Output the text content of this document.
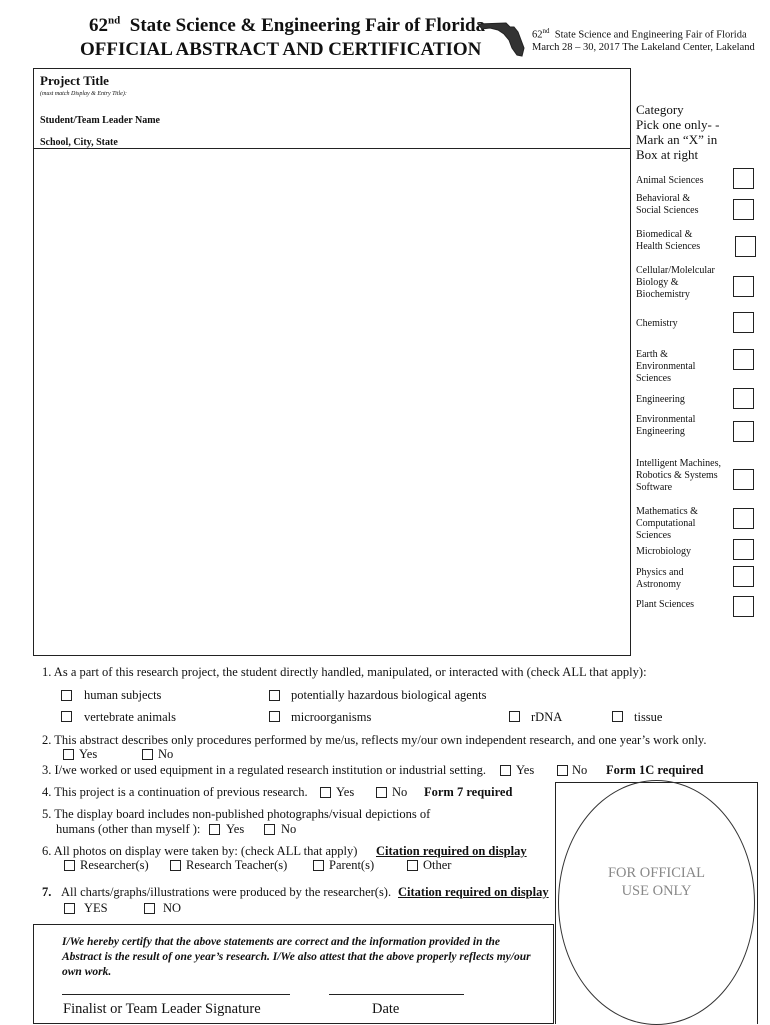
62nd State Science & Engineering Fair of Florida
OFFICIAL ABSTRACT AND CERTIFICATION
62nd State Science and Engineering Fair of Florida
March 28 – 30, 2017 The Lakeland Center, Lakeland
Project Title
(must match Display & Entry Title):
Student/Team Leader Name
School, City, State
Category
Pick one only- -
Mark an “X” in
Box at right
Animal Sciences
Behavioral & Social Sciences
Biomedical & Health Sciences
Cellular/Molelcular Biology & Biochemistry
Chemistry
Earth & Environmental Sciences
Engineering
Environmental Engineering
Intelligent Machines, Robotics & Systems Software
Mathematics & Computational Sciences
Microbiology
Physics and Astronomy
Plant Sciences
1. As a part of this research project, the student directly handled, manipulated, or interacted with (check ALL that apply):
human subjects	potentially hazardous biological agents
vertebrate animals	microorganisms	rDNA	tissue
2. This abstract describes only procedures performed by me/us, reflects my/our own independent research, and one year’s work only.
Yes	No
3. I/we worked or used equipment in a regulated research institution or industrial setting. Yes	No Form 1C required
4. This project is a continuation of previous research. Yes	No Form 7 required
5. The display board includes non-published photographs/visual depictions of
humans (other than myself ): Yes	No
6. All photos on display were taken by: (check ALL that apply) Citation required on display
Researcher(s)	Research Teacher(s)	Parent(s)	Other
7. All charts/graphs/illustrations were produced by the researcher(s). Citation required on display
YES	NO
FOR OFFICIAL
USE ONLY
I/We hereby certify that the above statements are correct and the information provided in the Abstract is the result of one year’s research. I/We also attest that the above properly reflects my/our own work.
Finalist or Team Leader Signature	Date
